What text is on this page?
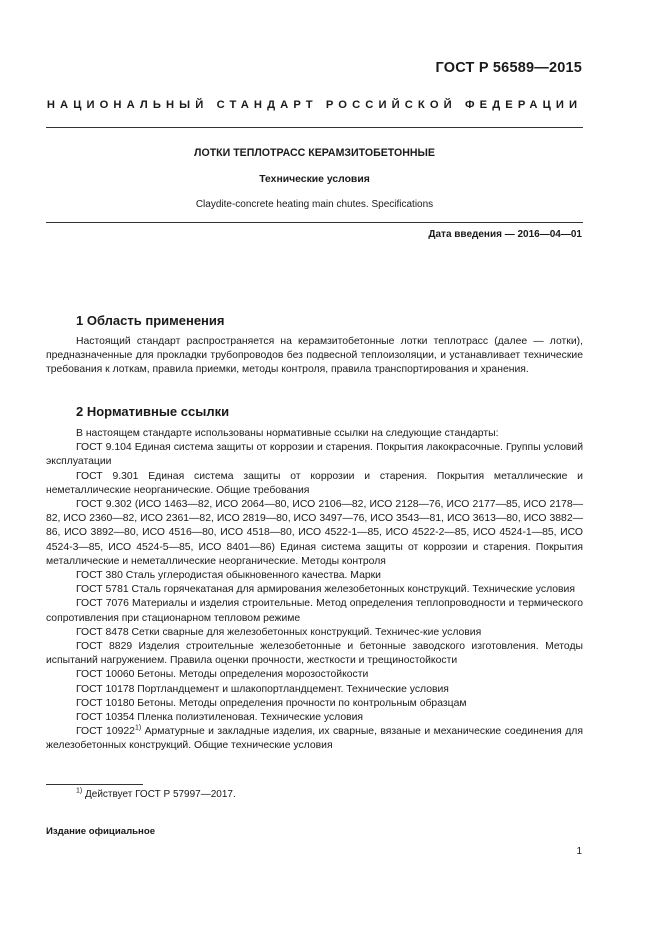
ГОСТ Р 56589—2015
НАЦИОНАЛЬНЫЙ СТАНДАРТ РОССИЙСКОЙ ФЕДЕРАЦИИ
ЛОТКИ ТЕПЛОТРАСС КЕРАМЗИТОБЕТОННЫЕ
Технические условия
Claydite-concrete heating main chutes. Specifications
Дата введения — 2016—04—01
1 Область применения

Настоящий стандарт распространяется на керамзитобетонные лотки теплотрасс (далее — лотки), предназначенные для прокладки трубопроводов без подвесной теплоизоляции, и устанавливает технические требования к лоткам, правила приемки, методы контроля, правила транспортирования и хранения.

2 Нормативные ссылки

В настоящем стандарте использованы нормативные ссылки на следующие стандарты:

ГОСТ 9.104 Единая система защиты от коррозии и старения. Покрытия лакокрасочные. Группы условий эксплуатации

ГОСТ 9.301 Единая система защиты от коррозии и старения. Покрытия металлические и неметаллические неорганические. Общие требования

ГОСТ 9.302 (ИСО 1463—82, ИСО 2064—80, ИСО 2106—82, ИСО 2128—76, ИСО 2177—85, ИСО 2178—82, ИСО 2360—82, ИСО 2361—82, ИСО 2819—80, ИСО 3497—76, ИСО 3543—81, ИСО 3613—80, ИСО 3882—86, ИСО 3892—80, ИСО 4516—80, ИСО 4518—80, ИСО 4522-1—85, ИСО 4522-2—85, ИСО 4524-1—85, ИСО 4524-3—85, ИСО 4524-5—85, ИСО 8401—86) Единая система защиты от коррозии и старения. Покрытия металлические и неметаллические неорганические. Методы контроля

ГОСТ 380 Сталь углеродистая обыкновенного качества. Марки

ГОСТ 5781 Сталь горячекатаная для армирования железобетонных конструкций. Технические условия

ГОСТ 7076 Материалы и изделия строительные. Метод определения теплопроводности и термического сопротивления при стационарном тепловом режиме

ГОСТ 8478 Сетки сварные для железобетонных конструкций. Техничес-кие условия

ГОСТ 8829 Изделия строительные железобетонные и бетонные заводского изготовления. Методы испытаний нагружением. Правила оценки прочности, жесткости и трещиностойкости

ГОСТ 10060 Бетоны. Методы определения морозостойкости

ГОСТ 10178 Портландцемент и шлакопортландцемент. Технические условия

ГОСТ 10180 Бетоны. Методы определения прочности по контрольным образцам

ГОСТ 10354 Пленка полиэтиленовая. Технические условия

ГОСТ 10922$^{1)}$ Арматурные и закладные изделия, их сварные, вязаные и механические соединения для железобетонных конструкций. Общие технические условия

$^{1)}$ Действует ГОСТ Р 57997—2017.
Издание официальное
1
